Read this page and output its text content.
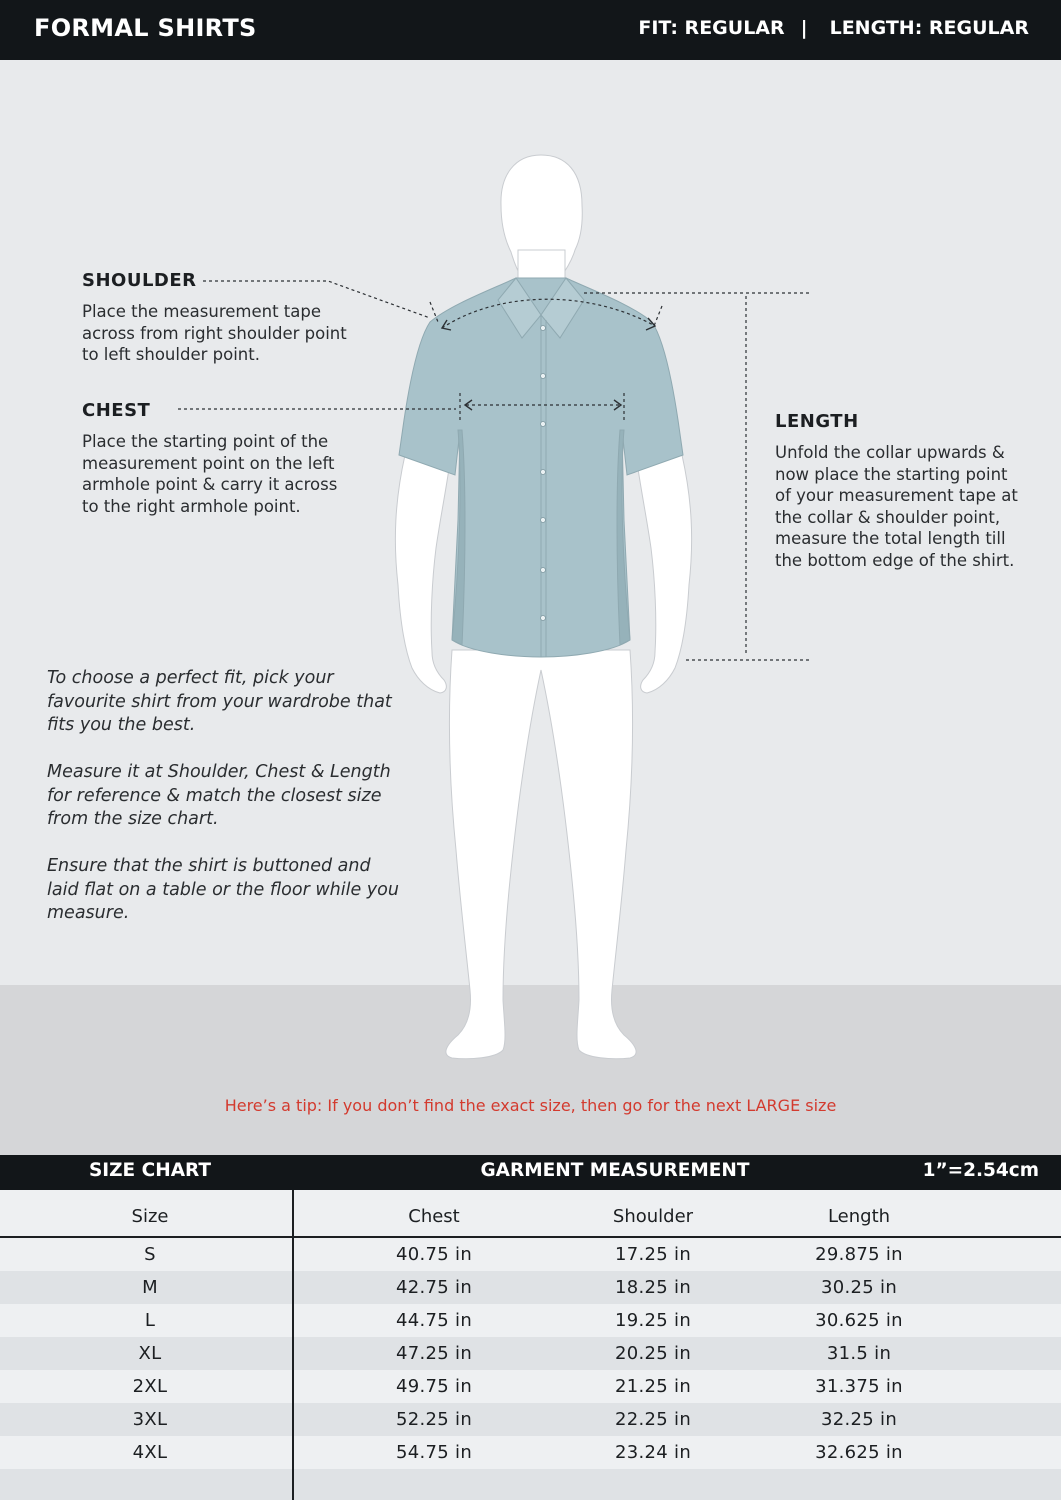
FORMAL SHIRTS	FIT: REGULAR | LENGTH: REGULAR
SHOULDER
Place the measurement tape
across from right shoulder point
to left shoulder point.
CHEST
Place the starting point of the
measurement point on the left
armhole point & carry it across
to the right armhole point.
LENGTH
Unfold the collar upwards &
now place the starting point
of your measurement tape at
the collar & shoulder point,
measure the total length till
the bottom edge of the shirt.
To choose a perfect fit, pick your
favourite shirt from your wardrobe that
fits you the best.
Measure it at Shoulder, Chest & Length
for reference & match the closest size
from the size chart.
Ensure that the shirt is buttoned and
laid flat on a table or the floor while you
measure.
Here’s a tip: If you don’t find the exact size, then go for the next LARGE size
SIZE CHART	GARMENT MEASUREMENT	1”=2.54cm
Size	Chest	Shoulder	Length
S	40.75 in	17.25 in	29.875 in
M	42.75 in	18.25 in	30.25 in
L	44.75 in	19.25 in	30.625 in
XL	47.25 in	20.25 in	31.5 in
2XL	49.75 in	21.25 in	31.375 in
3XL	52.25 in	22.25 in	32.25 in
4XL	54.75 in	23.24 in	32.625 in
